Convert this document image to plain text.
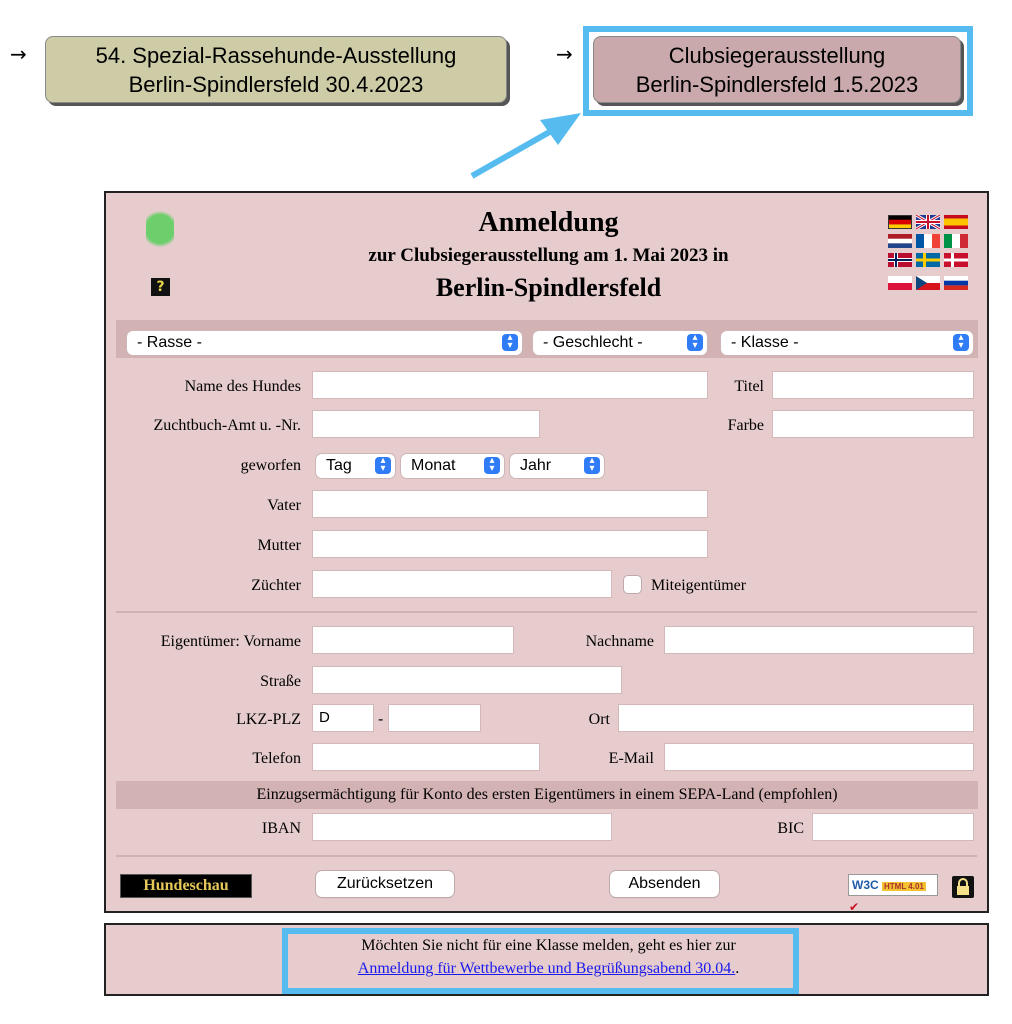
→	54. Spezial-Rassehunde-Ausstellung
Berlin-Spindlersfeld 30.4.2023
→	Clubsiegerausstellung
Berlin-Spindlersfeld 1.5.2023
?
Anmeldung
zur Clubsiegerausstellung am 1. Mai 2023 in
Berlin-Spindlersfeld
- Rasse -	▴
▾	- Geschlecht -	▴
▾	- Klasse -	▴
▾
Name des Hundes	Titel
Zuchtbuch-Amt u. -Nr.	Farbe
geworfen	Tag	▴
▾	Monat	▴
▾	Jahr	▴
▾
Vater
Mutter
Züchter	Miteigentümer
Eigentümer: Vorname	Nachname
Straße
LKZ-PLZ	D	-	Ort
Telefon	E-Mail
Einzugsermächtigung für Konto des ersten Eigentümers in einem SEPA-Land (empfohlen)
IBAN	BIC
Hundeschau	Zurücksetzen	Absenden	W3C HTML 4.01 ✔
Möchten Sie nicht für eine Klasse melden, geht es hier zur
Anmeldung für Wettbewerbe und Begrüßungsabend 30.04..
